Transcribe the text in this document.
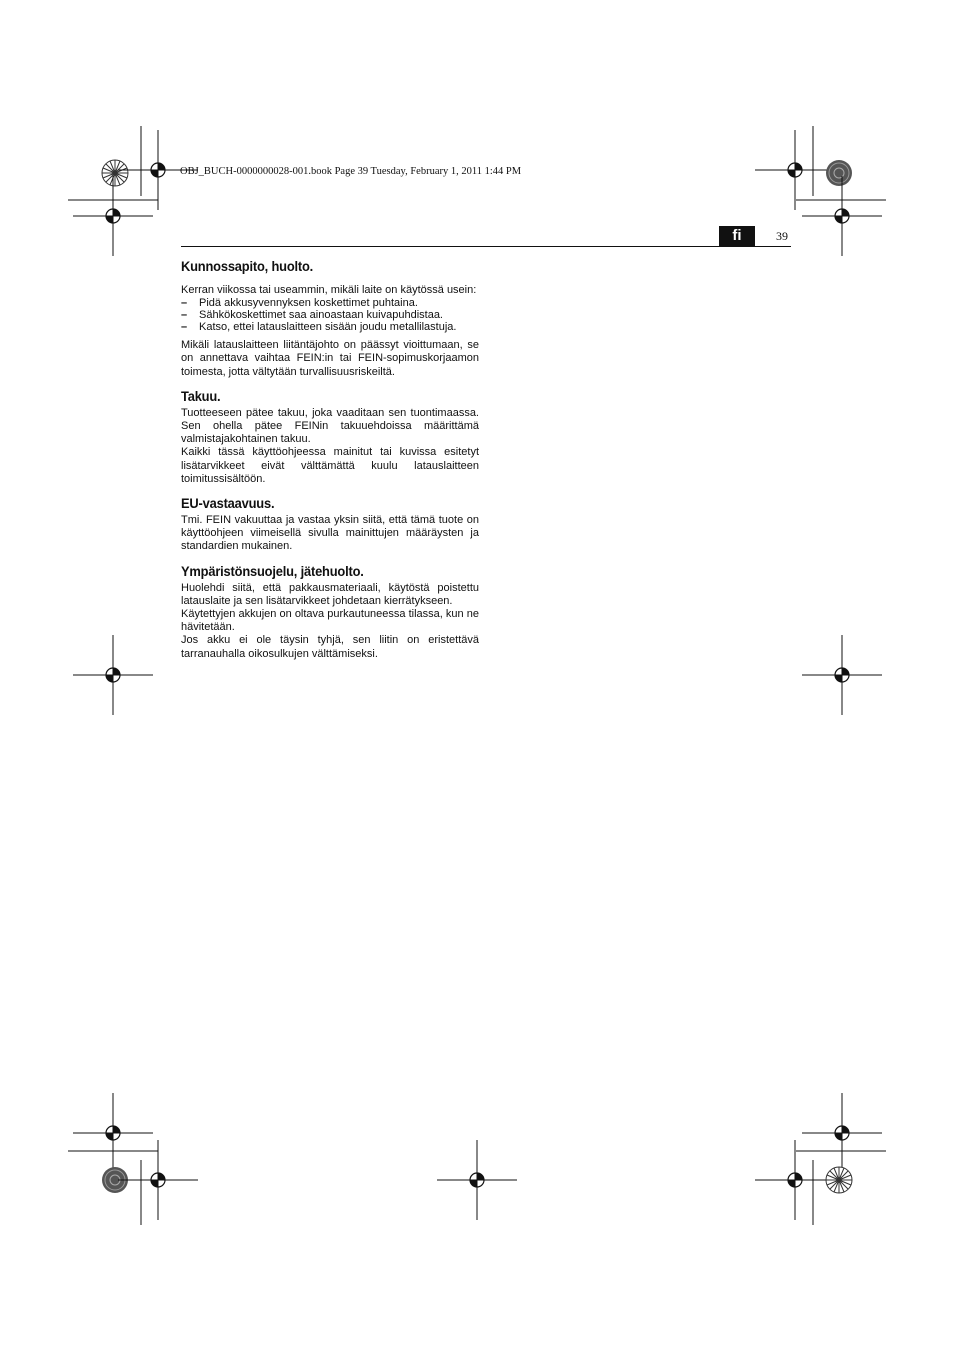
OBJ_BUCH-0000000028-001.book Page 39 Tuesday, February 1, 2011 1:44 PM
fi	39
Kunnossapito, huolto.

Kerran viikossa tai useammin, mikäli laite on käytössä usein:

– Pidä akkusyvennyksen koskettimet puhtaina.
– Sähkökoskettimet saa ainoastaan kuivapuhdistaa.
– Katso, ettei latauslaitteen sisään joudu metallilastuja.

Mikäli latauslaitteen liitäntäjohto on päässyt vioittumaan, se on annettava vaihtaa FEIN:in tai FEIN-sopimuskorjaamon toimesta, jotta vältytään turvallisuusriskeiltä.

Takuu.

Tuotteeseen pätee takuu, joka vaaditaan sen tuontimaassa. Sen ohella pätee FEINin takuuehdoissa määrittämä valmistajakohtainen takuu.

Kaikki tässä käyttöohjeessa mainitut tai kuvissa esitetyt lisätarvikkeet eivät välttämättä kuulu latauslaitteen toimitussisältöön.

EU-vastaavuus.

Tmi. FEIN vakuuttaa ja vastaa yksin siitä, että tämä tuote on käyttöohjeen viimeisellä sivulla mainittujen määräysten ja standardien mukainen.

Ympäristönsuojelu, jätehuolto.

Huolehdi siitä, että pakkausmateriaali, käytöstä poistettu latauslaite ja sen lisätarvikkeet johdetaan kierrätykseen.

Käytettyjen akkujen on oltava purkautuneessa tilassa, kun ne hävitetään.

Jos akku ei ole täysin tyhjä, sen liitin on eristettävä tarranauhalla oikosulkujen välttämiseksi.
